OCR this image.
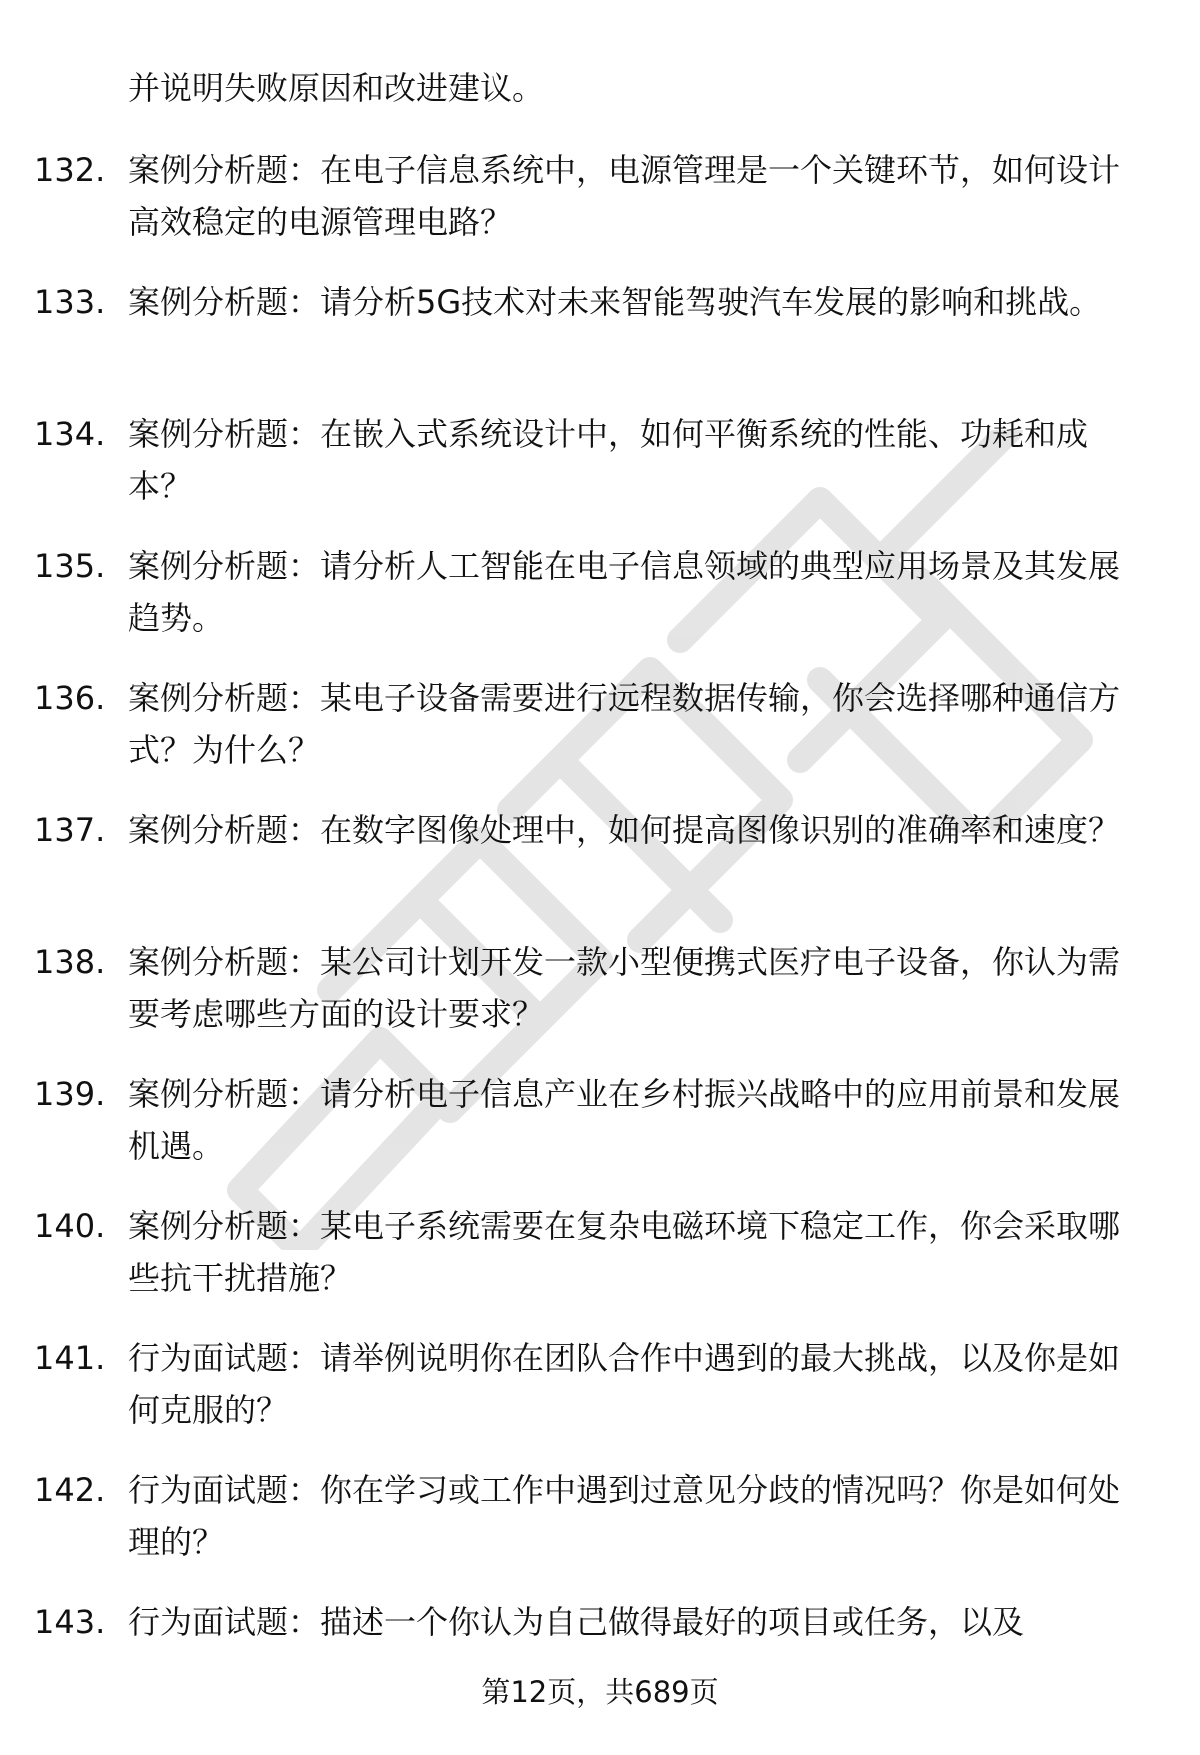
并说明失败原因和改进建议。
132. 案例分析题：在电子信息系统中，电源管理是一个关键环节，如何设计高效稳定的电源管理电路？
133. 案例分析题：请分析5G技术对未来智能驾驶汽车发展的影响和挑战。
134. 案例分析题：在嵌入式系统设计中，如何平衡系统的性能、功耗和成本？
135. 案例分析题：请分析人工智能在电子信息领域的典型应用场景及其发展趋势。
136. 案例分析题：某电子设备需要进行远程数据传输，你会选择哪种通信方式？为什么？
137. 案例分析题：在数字图像处理中，如何提高图像识别的准确率和速度？
138. 案例分析题：某公司计划开发一款小型便携式医疗电子设备，你认为需要考虑哪些方面的设计要求？
139. 案例分析题：请分析电子信息产业在乡村振兴战略中的应用前景和发展机遇。
140. 案例分析题：某电子系统需要在复杂电磁环境下稳定工作，你会采取哪些抗干扰措施？
141. 行为面试题：请举例说明你在团队合作中遇到的最大挑战，以及你是如何克服的？
142. 行为面试题：你在学习或工作中遇到过意见分歧的情况吗？你是如何处理的？
143. 行为面试题：描述一个你认为自己做得最好的项目或任务，以及
第12页，共689页
